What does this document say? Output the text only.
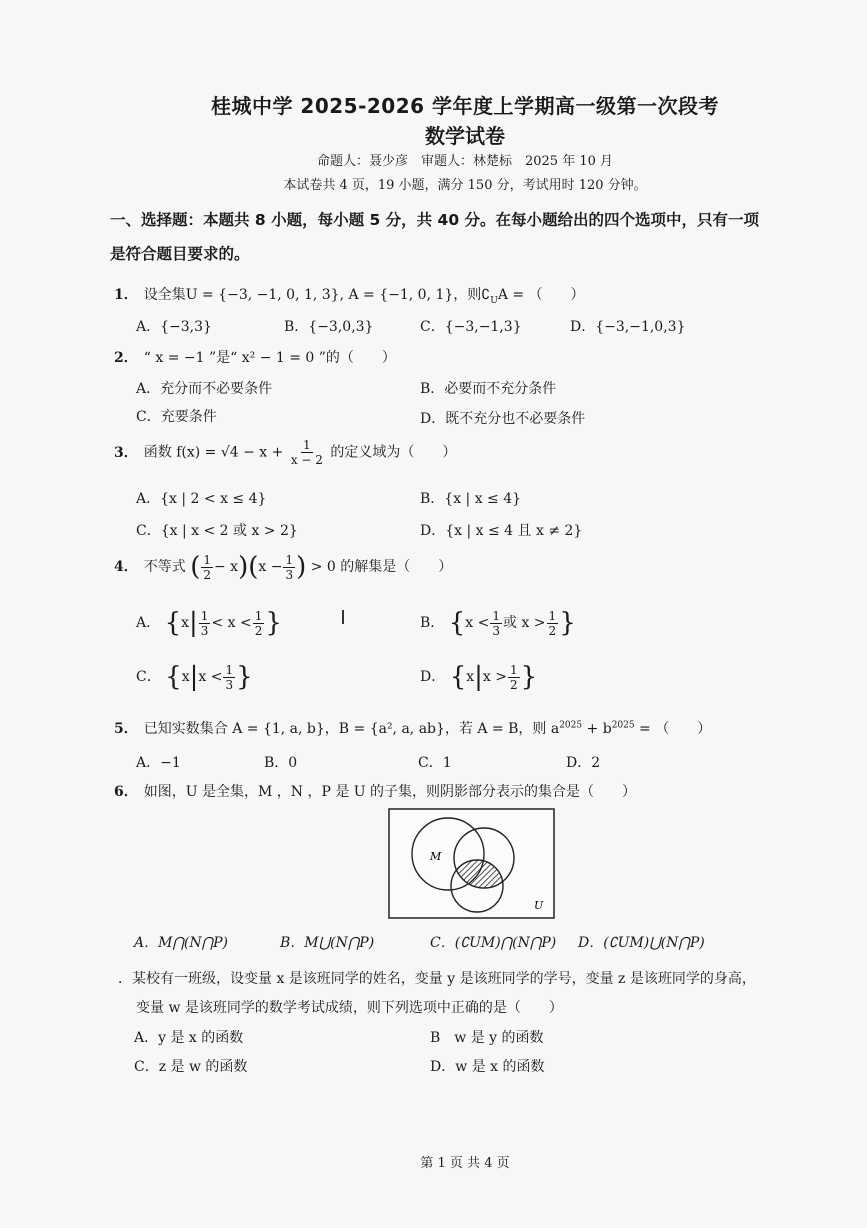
桂城中学 2025-2026 学年度上学期高一级第一次段考
数学试卷
命题人：聂少彦　审题人：林楚标　2025 年 10 月
本试卷共 4 页，19 小题，满分 150 分，考试用时 120 分钟。
一、选择题：本题共 8 小题，每小题 5 分，共 40 分。在每小题给出的四个选项中，只有一项
是符合题目要求的。
1． 设全集U = {−3, −1, 0, 1, 3}, A = {−1, 0, 1}，则$∁_UA$ = （　　）
A．{−3,3}	B．{−3,0,3}	C．{−3,−1,3}	D．{−3,−1,0,3}
2． “ x = −1 ”是“ x² − 1 = 0 ”的（　　）
A．充分而不必要条件	B．必要而不充分条件
C．充要条件	D．既不充分也不必要条件
3． 函数 $f(x) = √4 - x + \frac{1}{x - 2}$ 的定义域为（　　）
A．{x | 2 < x ≤ 4}	B．{x | x ≤ 4}
C．{x | x < 2 或 x > 2}	D．{x | x ≤ 4 且 x ≠ 2}
4． 不等式 ( $\frac{1}{2} - x)(x - \frac{1}{3}$ ) > 0 的解集是（　　）
A． {$x| \frac{1}{3} < x < \frac{1}{2}$ }	B． {$x < \frac{1}{3}$ 或 $x > \frac{1}{2}$ }
C． {$x|x < \frac{1}{3}$ }	D． {$x|x > \frac{1}{2}$ }
5． 已知实数集合 A = {1, a, b}，B = {a², a, ab}，若 A = B，则 $a^{2025} + b^{2025}$ = （　　）
A．−1	B．0	C．1	D．2
6． 如图，U 是全集，M ，N ，P 是 U 的子集，则阴影部分表示的集合是（　　）
M
U
A．M⋂(N⋂P)	B．M⋃(N⋂P)	C．(∁UM)⋂(N⋂P) D．(∁UM)⋃(N⋂P)
．某校有一班级，设变量 x 是该班同学的姓名，变量 y 是该班同学的学号，变量 z 是该班同学的身高，
变量 w 是该班同学的数学考试成绩，则下列选项中正确的是（　　）
A．y 是 x 的函数	B　w 是 y 的函数
C．z 是 w 的函数	D．w 是 x 的函数
第 1 页 共 4 页
